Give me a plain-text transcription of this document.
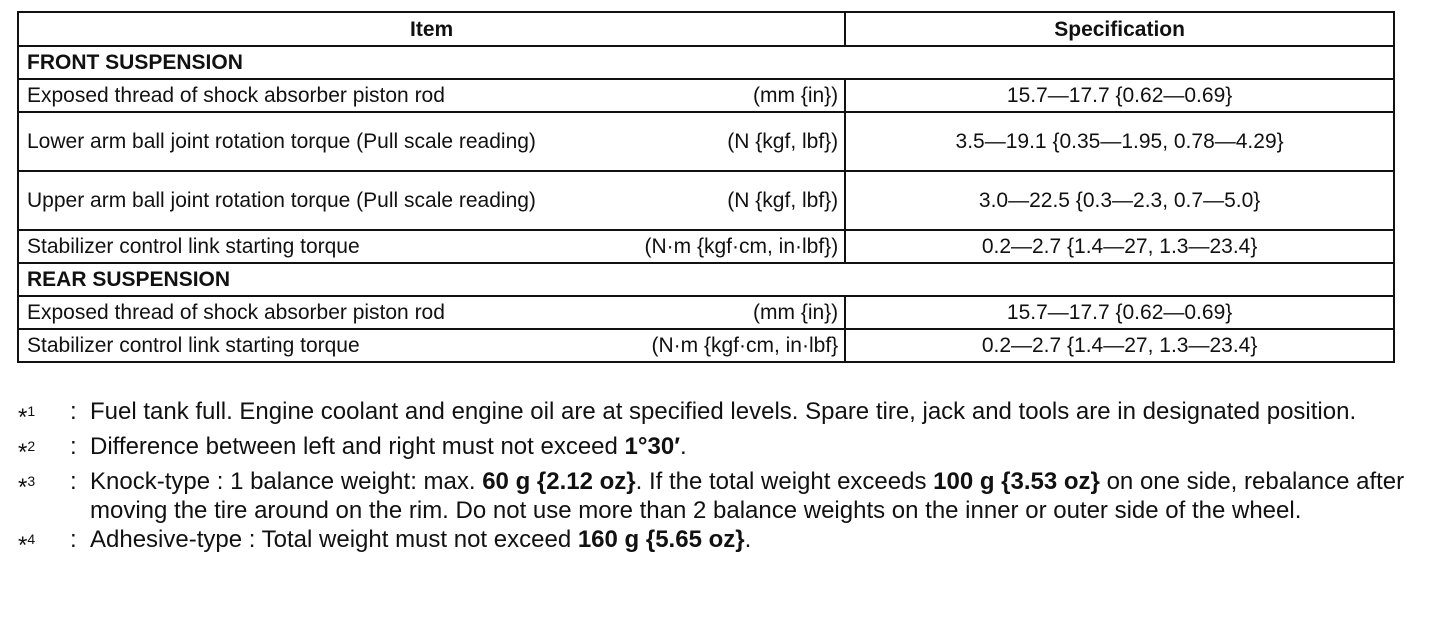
Item	Specification
FRONT SUSPENSION	

Exposed thread of shock absorber piston rod (mm {in})	15.7—17.7 {0.62—0.69}

Lower arm ball joint rotation torque (Pull scale reading) (N {kgf, lbf})	3.5—19.1 {0.35—1.95, 0.78—4.29}

Upper arm ball joint rotation torque (Pull scale reading) (N {kgf, lbf})	3.0—22.5 {0.3—2.3, 0.7—5.0}

Stabilizer control link starting torque (N·m {kgf·cm, in·lbf})	0.2—2.7 {1.4—27, 1.3—23.4}
REAR SUSPENSION	

Exposed thread of shock absorber piston rod (mm {in})	15.7—17.7 {0.62—0.69}

Stabilizer control link starting torque (N·m {kgf·cm, in·lbf}	0.2—2.7 {1.4—27, 1.3—23.4}
*$^1$	: Fuel tank full. Engine coolant and engine oil are at specified levels. Spare tire, jack and tools are in designated position.
*$^2$	: Difference between left and right must not exceed 1°30′.
*$^3$	: Knock-type : 1 balance weight: max. 60 g {2.12 oz}. If the total weight exceeds 100 g {3.53 oz} on one side, rebalance after moving the tire around on the rim. Do not use more than 2 balance weights on the inner or outer side of the wheel.
*$^4$	: Adhesive-type : Total weight must not exceed 160 g {5.65 oz}.
